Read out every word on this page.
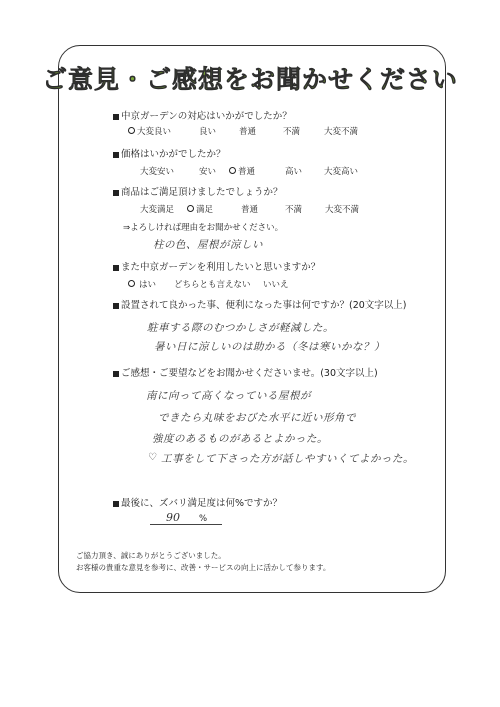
ご意見・ご感想をお聞かせください
中京ガーデンの対応はいかがでしたか？
大変良い	良い	普通	不満	大変不満
価格はいかがでしたか？
大変安い	安い	普通	高い	大変高い
商品はご満足頂けましたでしょうか？
大変満足	満足	普通	不満	大変不満
⇒よろしければ理由をお聞かせください。
柱の色、屋根が涼しい
また中京ガーデンを利用したいと思いますか？
はい どちらとも言えない いいえ
設置されて良かった事、便利になった事は何ですか？(20文字以上)
駐車する際のむつかしさが軽減した。
暑い日に涼しいのは助かる（冬は寒いかな？）
ご感想・ご要望などをお聞かせくださいませ。(30文字以上)
南に向って高くなっている屋根が
できたら丸味をおびた水平に近い形角で
強度のあるものがあるとよかった。
♡ 工事をして下さった方が話しやすいくてよかった。
最後に、ズバリ満足度は何%ですか？
90 %
ご協力頂き、誠にありがとうございました。
お客様の貴重な意見を参考に、改善・サービスの向上に活かして参ります。
